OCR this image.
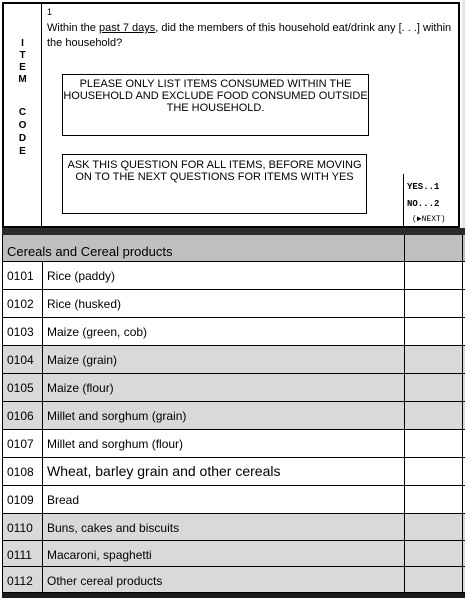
I
T
E
M
C
O
D
E
1
Within the past 7 days, did the members of this household eat/drink any [. . .] within the household?
PLEASE ONLY LIST ITEMS CONSUMED WITHIN THE HOUSEHOLD AND EXCLUDE FOOD CONSUMED OUTSIDE THE HOUSEHOLD.
ASK THIS QUESTION FOR ALL ITEMS, BEFORE MOVING ON TO THE NEXT QUESTIONS FOR ITEMS WITH YES
YES..1
NO...2
(►NEXT)
Cereals and Cereal products
0101 Rice (paddy)
0102 Rice (husked)
0103 Maize (green, cob)
0104 Maize (grain)
0105 Maize (flour)
0106 Millet and sorghum (grain)
0107 Millet and sorghum (flour)
0108 Wheat, barley grain and other cereals
0109 Bread
0110 Buns, cakes and biscuits
0111 Macaroni, spaghetti
0112 Other cereal products
